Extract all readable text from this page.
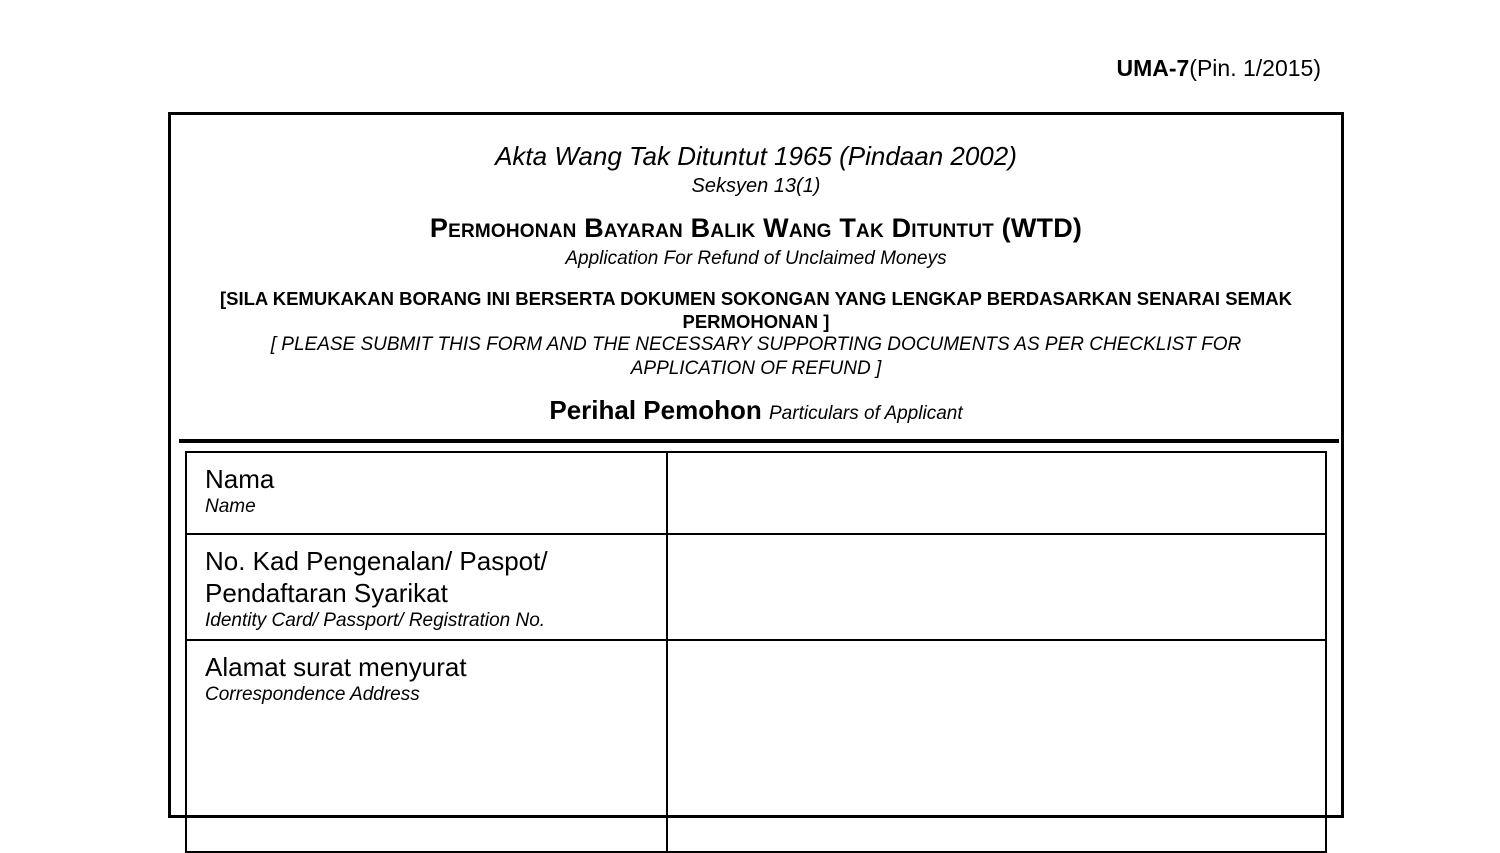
UMA-7(Pin. 1/2015)
Akta Wang Tak Dituntut 1965 (Pindaan 2002)
Seksyen 13(1)
Permohonan Bayaran Balik Wang Tak Dituntut (WTD)
Application For Refund of Unclaimed Moneys
[SILA KEMUKAKAN BORANG INI BERSERTA DOKUMEN SOKONGAN YANG LENGKAP BERDASARKAN SENARAI SEMAK PERMOHONAN ]
[ PLEASE SUBMIT THIS FORM AND THE NECESSARY SUPPORTING DOCUMENTS AS PER CHECKLIST FOR APPLICATION OF REFUND ]
Perihal Pemohon Particulars of Applicant
Nama
Name	

No. Kad Pengenalan/ Paspot/ Pendaftaran Syarikat
Identity Card/ Passport/ Registration No.	

Alamat surat menyurat
Correspondence Address	
